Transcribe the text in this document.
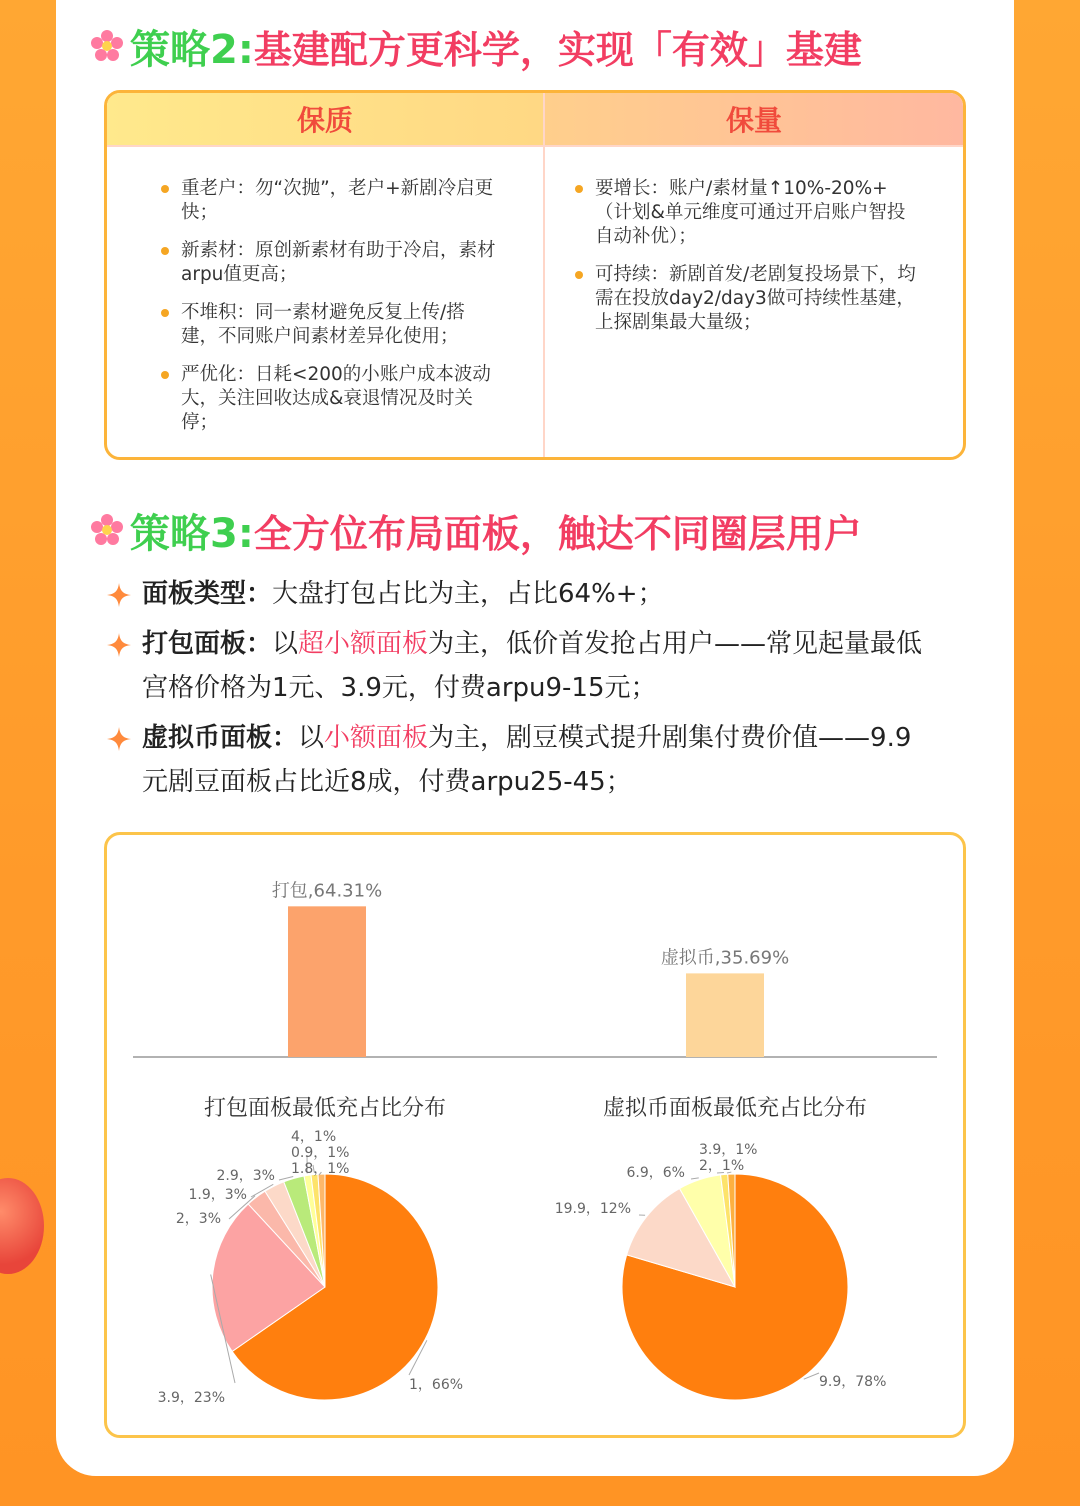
策略2: 基建配方更科学，实现「有效」基建
保质	保量
重老户：勿“次抛”，老户+新剧冷启更快；
新素材：原创新素材有助于冷启，素材arpu值更高；
不堆积：同一素材避免反复上传/搭建，不同账户间素材差异化使用；
严优化：日耗<200的小账户成本波动大，关注回收达成&衰退情况及时关停；
要增长：账户/素材量↑10%-20%+（计划&单元维度可通过开启账户智投自动补优）；
可持续：新剧首发/老剧复投场景下，均需在投放day2/day3做可持续性基建，上探剧集最大量级；
策略3: 全方位布局面板，触达不同圈层用户
面板类型：大盘打包占比为主，占比64%+；
打包面板：以超小额面板为主，低价首发抢占用户——常见起量最低宫格价格为1元、3.9元，付费arpu9-15元；
虚拟币面板：以小额面板为主，剧豆模式提升剧集付费价值——9.9元剧豆面板占比近8成，付费arpu25-45；
打包,64.31%
虚拟币,35.69%
打包面板最低充占比分布	虚拟币面板最低充占比分布
1，66%
3.9，23%
2，3%
1.9，3%
2.9，3%
4，1%
0.9，1%
1.8，1%
9.9，78%
19.9，12%
6.9，6% 2，1%
3.9，1%
